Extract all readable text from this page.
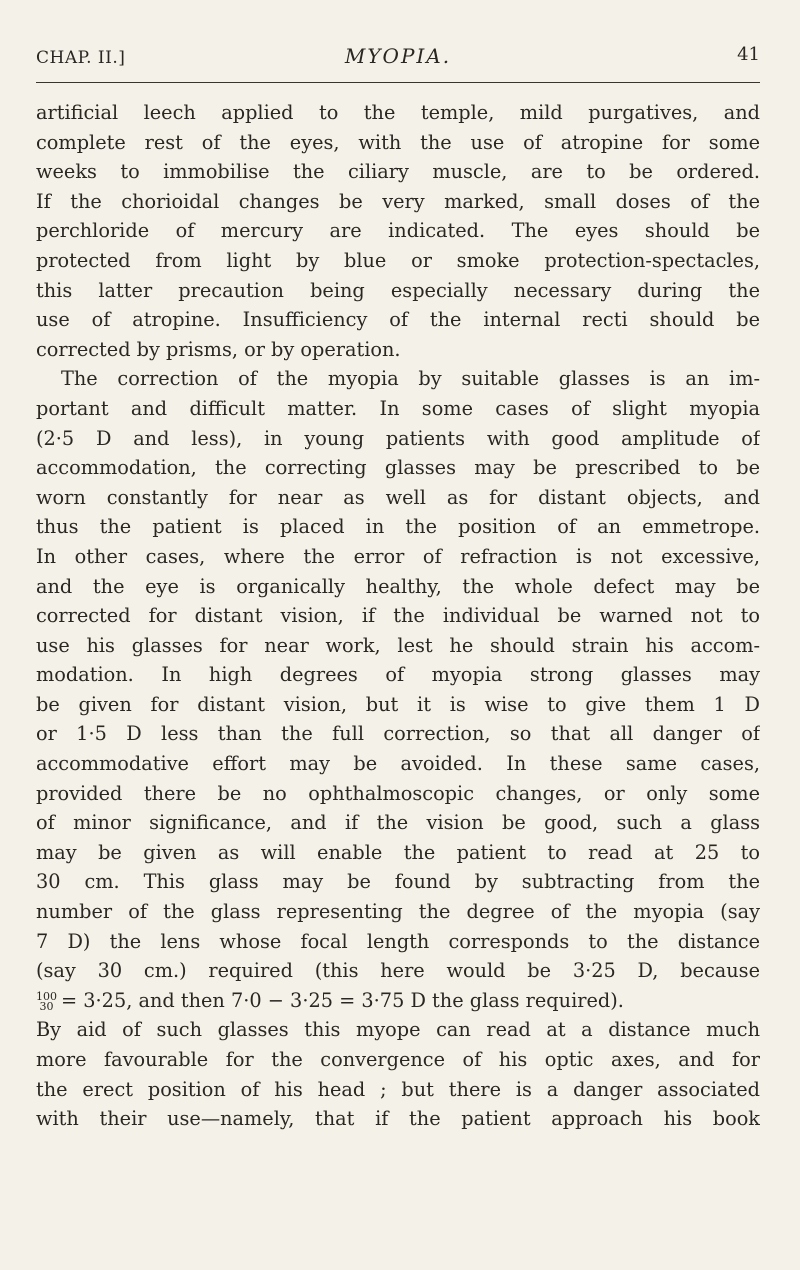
CHAP. II.]	MYOPIA.	41
artificial leech applied to the temple, mild purgatives, and
complete rest of the eyes, with the use of atropine for some
weeks to immobilise the ciliary muscle, are to be ordered.
If the chorioidal changes be very marked, small doses of the
perchloride of mercury are indicated. The eyes should be
protected from light by blue or smoke protection-spectacles,
this latter precaution being especially necessary during the
use of atropine. Insufficiency of the internal recti should be
corrected by prisms, or by operation.
The correction of the myopia by suitable glasses is an im-
portant and difficult matter. In some cases of slight myopia
(2·5 D and less), in young patients with good amplitude of
accommodation, the correcting glasses may be prescribed to be
worn constantly for near as well as for distant objects, and
thus the patient is placed in the position of an emmetrope.
In other cases, where the error of refraction is not excessive,
and the eye is organically healthy, the whole defect may be
corrected for distant vision, if the individual be warned not to
use his glasses for near work, lest he should strain his accom-
modation. In high degrees of myopia strong glasses may
be given for distant vision, but it is wise to give them 1 D
or 1·5 D less than the full correction, so that all danger of
accommodative effort may be avoided. In these same cases,
provided there be no ophthalmoscopic changes, or only some
of minor significance, and if the vision be good, such a glass
may be given as will enable the patient to read at 25 to
30 cm. This glass may be found by subtracting from the
number of the glass representing the degree of the myopia (say
7 D) the lens whose focal length corresponds to the distance
(say 30 cm.) required (this here would be 3·25 D, because
100
30 = 3·25, and then 7·0 − 3·25 = 3·75 D the glass required).
By aid of such glasses this myope can read at a distance much
more favourable for the convergence of his optic axes, and for
the erect position of his head ; but there is a danger associated
with their use—namely, that if the patient approach his book
